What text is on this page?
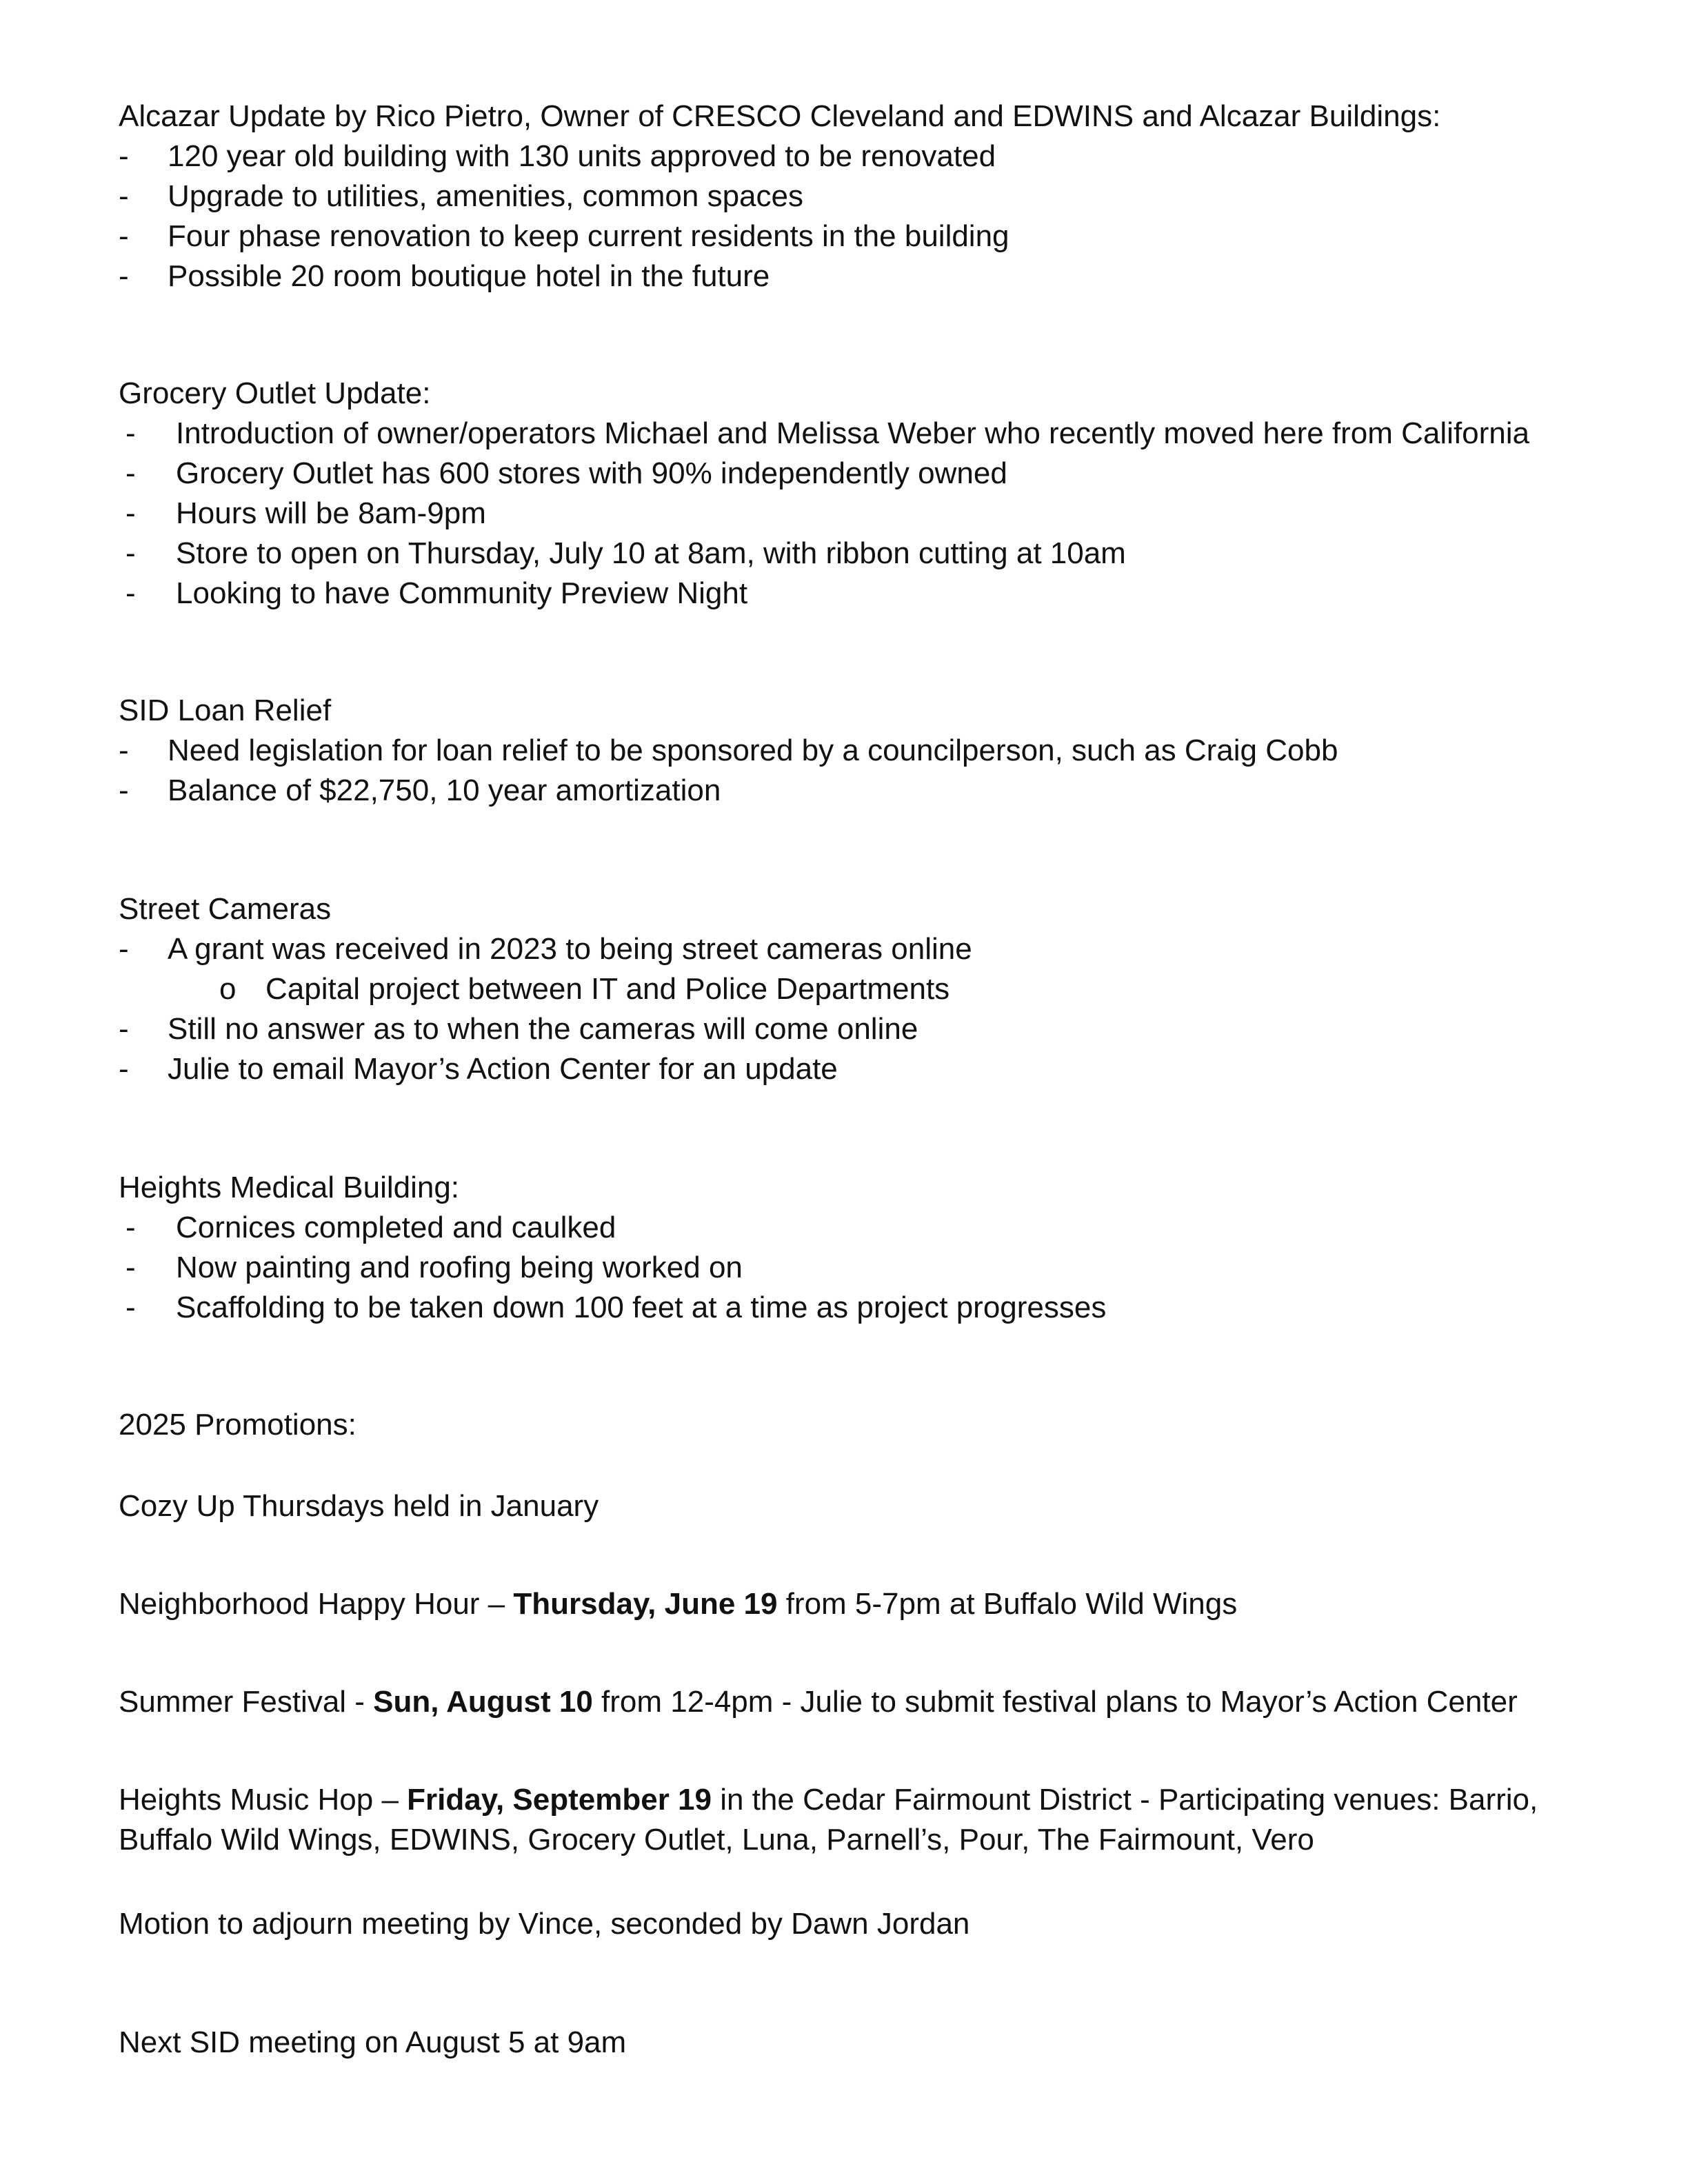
Alcazar Update by Rico Pietro, Owner of CRESCO Cleveland and EDWINS and Alcazar Buildings:
- 120 year old building with 130 units approved to be renovated
- Upgrade to utilities, amenities, common spaces
- Four phase renovation to keep current residents in the building
- Possible 20 room boutique hotel in the future
Grocery Outlet Update:
- Introduction of owner/operators Michael and Melissa Weber who recently moved here from California
- Grocery Outlet has 600 stores with 90% independently owned
- Hours will be 8am-9pm
- Store to open on Thursday, July 10 at 8am, with ribbon cutting at 10am
- Looking to have Community Preview Night
SID Loan Relief
- Need legislation for loan relief to be sponsored by a councilperson, such as Craig Cobb
- Balance of $22,750, 10 year amortization
Street Cameras
- A grant was received in 2023 to being street cameras online
o Capital project between IT and Police Departments
- Still no answer as to when the cameras will come online
- Julie to email Mayor’s Action Center for an update
Heights Medical Building:
- Cornices completed and caulked
- Now painting and roofing being worked on
- Scaffolding to be taken down 100 feet at a time as project progresses
2025 Promotions:
Cozy Up Thursdays held in January
Neighborhood Happy Hour – Thursday, June 19 from 5-7pm at Buffalo Wild Wings
Summer Festival - Sun, August 10 from 12-4pm - Julie to submit festival plans to Mayor’s Action Center
Heights Music Hop – Friday, September 19 in the Cedar Fairmount District - Participating venues: Barrio,
Buffalo Wild Wings, EDWINS, Grocery Outlet, Luna, Parnell’s, Pour, The Fairmount, Vero
Motion to adjourn meeting by Vince, seconded by Dawn Jordan
Next SID meeting on August 5 at 9am
